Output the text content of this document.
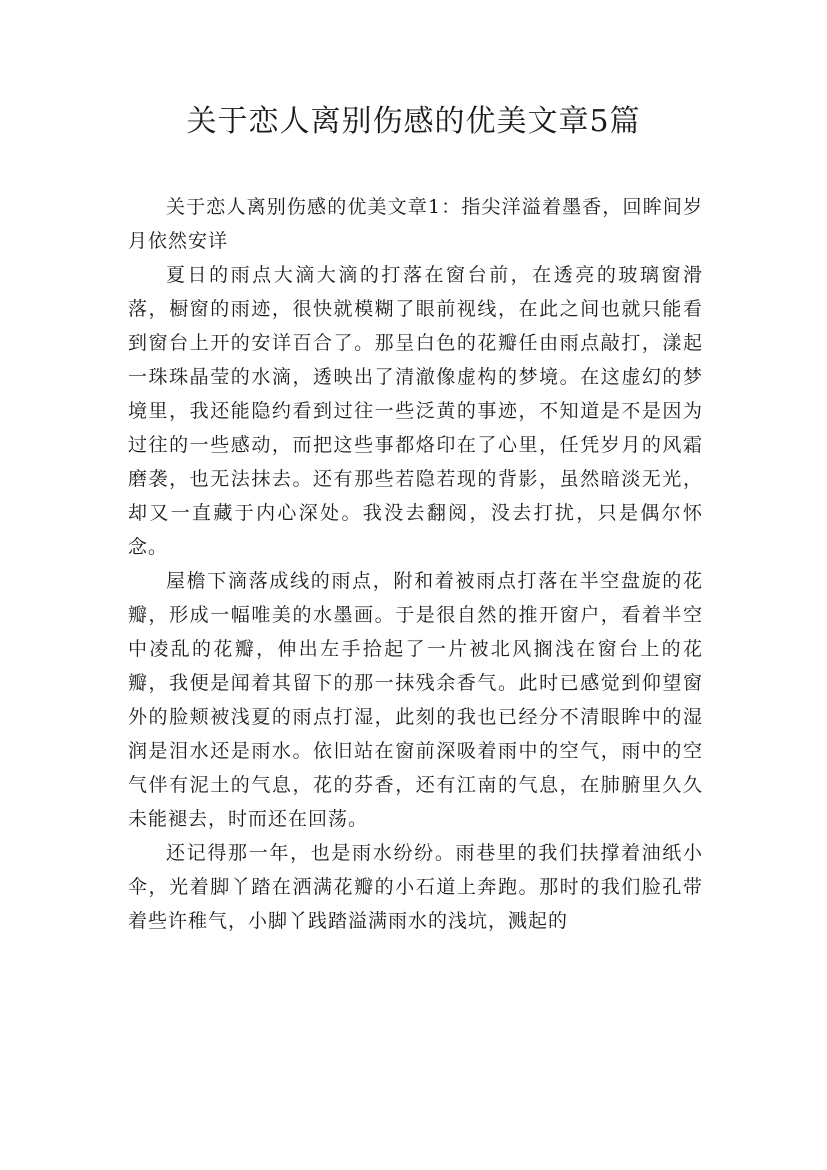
关于恋人离别伤感的优美文章5篇

关于恋人离别伤感的优美文章1：指尖洋溢着墨香，回眸间岁月依然安详

夏日的雨点大滴大滴的打落在窗台前，在透亮的玻璃窗滑落，橱窗的雨迹，很快就模糊了眼前视线，在此之间也就只能看到窗台上开的安详百合了。那呈白色的花瓣任由雨点敲打，漾起一珠珠晶莹的水滴，透映出了清澈像虚构的梦境。在这虚幻的梦境里，我还能隐约看到过往一些泛黄的事迹，不知道是不是因为过往的一些感动，而把这些事都烙印在了心里，任凭岁月的风霜磨袭，也无法抹去。还有那些若隐若现的背影，虽然暗淡无光，却又一直藏于内心深处。我没去翻阅，没去打扰，只是偶尔怀念。

屋檐下滴落成线的雨点，附和着被雨点打落在半空盘旋的花瓣，形成一幅唯美的水墨画。于是很自然的推开窗户，看着半空中凌乱的花瓣，伸出左手拾起了一片被北风搁浅在窗台上的花瓣，我便是闻着其留下的那一抹残余香气。此时已感觉到仰望窗外的脸颊被浅夏的雨点打湿，此刻的我也已经分不清眼眸中的湿润是泪水还是雨水。依旧站在窗前深吸着雨中的空气，雨中的空气伴有泥土的气息，花的芬香，还有江南的气息，在肺腑里久久未能褪去，时而还在回荡。

还记得那一年，也是雨水纷纷。雨巷里的我们扶撑着油纸小伞，光着脚丫踏在洒满花瓣的小石道上奔跑。那时的我们脸孔带着些许稚气，小脚丫践踏溢满雨水的浅坑，溅起的
